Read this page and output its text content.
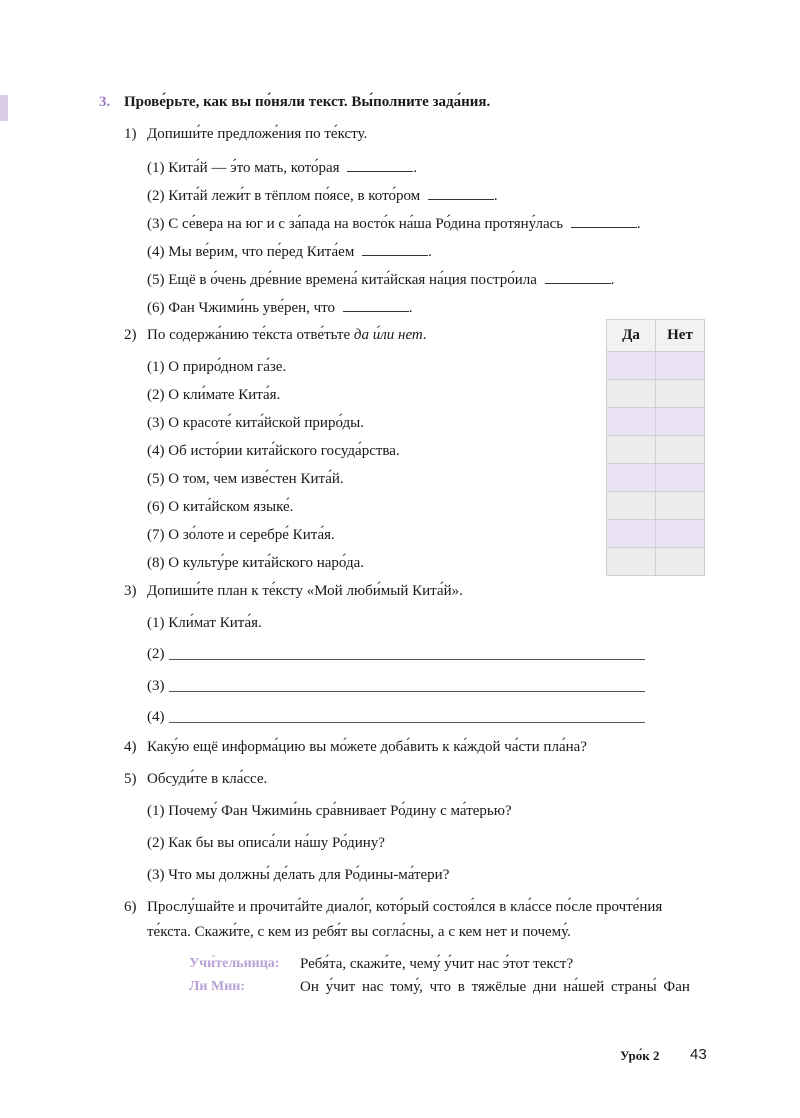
3. Прове́рьте, как вы по́няли текст. Вы́полните зада́ния.
1) Допиши́те предложе́ния по те́ксту.
(1) Кита́й — э́то мать, кото́рая	.
(2) Кита́й лежи́т в тёплом по́ясе, в кото́ром	.
(3) С се́вера на юг и с за́пада на восто́к на́ша Ро́дина протяну́лась	.
(4) Мы ве́рим, что пе́ред Кита́ем	.
(5) Ещё в о́чень дре́вние времена́ кита́йская на́ция постро́ила	.
(6) Фан Чжими́нь уве́рен, что	.
2) По содержа́нию те́кста отве́тьте да и́ли нет.
(1) О приро́дном га́зе.
(2) О кли́мате Кита́я.
(3) О красоте́ кита́йской приро́ды.
(4) Об исто́рии кита́йского госуда́рства.
(5) О том, чем изве́стен Кита́й.
(6) О кита́йском языке́.
(7) О зо́лоте и серебре́ Кита́я.
(8) О культу́ре кита́йского наро́да.
Да	Нет

3) Допиши́те план к те́ксту «Мой люби́мый Кита́й».
(1) Кли́мат Кита́я.
(2)
(3)
(4)
4) Каку́ю ещё информа́цию вы мо́жете доба́вить к ка́ждой ча́сти пла́на?
5) Обсуди́те в кла́ссе.
(1) Почему́ Фан Чжими́нь сра́внивает Ро́дину с ма́терью?
(2) Как бы вы описа́ли на́шу Ро́дину?
(3) Что мы должны́ де́лать для Ро́дины-ма́тери?
6) Прослу́шайте и прочита́йте диало́г, кото́рый состоя́лся в кла́ссе по́сле прочте́ния
те́кста. Скажи́те, с кем из ребя́т вы согла́сны, а с кем нет и почему́.
Учи́тельница: Ребя́та, скажи́те, чему́ у́чит нас э́тот текст?
Ли Мин:	Он у́чит нас тому́, что в тяжёлые дни на́шей страны́ Фан
Уро́к 2 43
